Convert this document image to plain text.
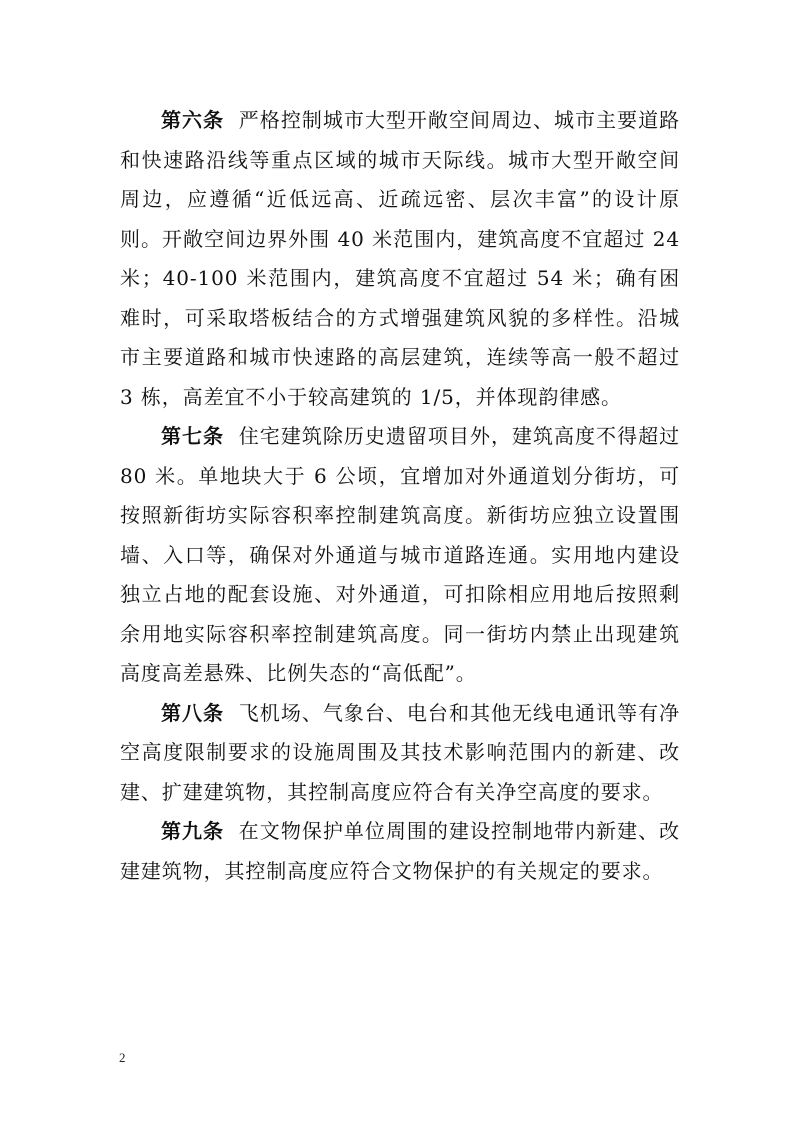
第六条 严格控制城市大型开敞空间周边、城市主要道路和快速路沿线等重点区域的城市天际线。城市大型开敞空间周边，应遵循“近低远高、近疏远密、层次丰富”的设计原则。开敞空间边界外围 40 米范围内，建筑高度不宜超过 24 米；40-100 米范围内，建筑高度不宜超过 54 米；确有困难时，可采取塔板结合的方式增强建筑风貌的多样性。沿城市主要道路和城市快速路的高层建筑，连续等高一般不超过 3 栋，高差宜不小于较高建筑的 1/5，并体现韵律感。

第七条 住宅建筑除历史遗留项目外，建筑高度不得超过 80 米。单地块大于 6 公顷，宜增加对外通道划分街坊，可按照新街坊实际容积率控制建筑高度。新街坊应独立设置围墙、入口等，确保对外通道与城市道路连通。实用地内建设独立占地的配套设施、对外通道，可扣除相应用地后按照剩余用地实际容积率控制建筑高度。同一街坊内禁止出现建筑高度高差悬殊、比例失态的“高低配”。

第八条 飞机场、气象台、电台和其他无线电通讯等有净空高度限制要求的设施周围及其技术影响范围内的新建、改建、扩建建筑物，其控制高度应符合有关净空高度的要求。

第九条 在文物保护单位周围的建设控制地带内新建、改建建筑物，其控制高度应符合文物保护的有关规定的要求。

2
